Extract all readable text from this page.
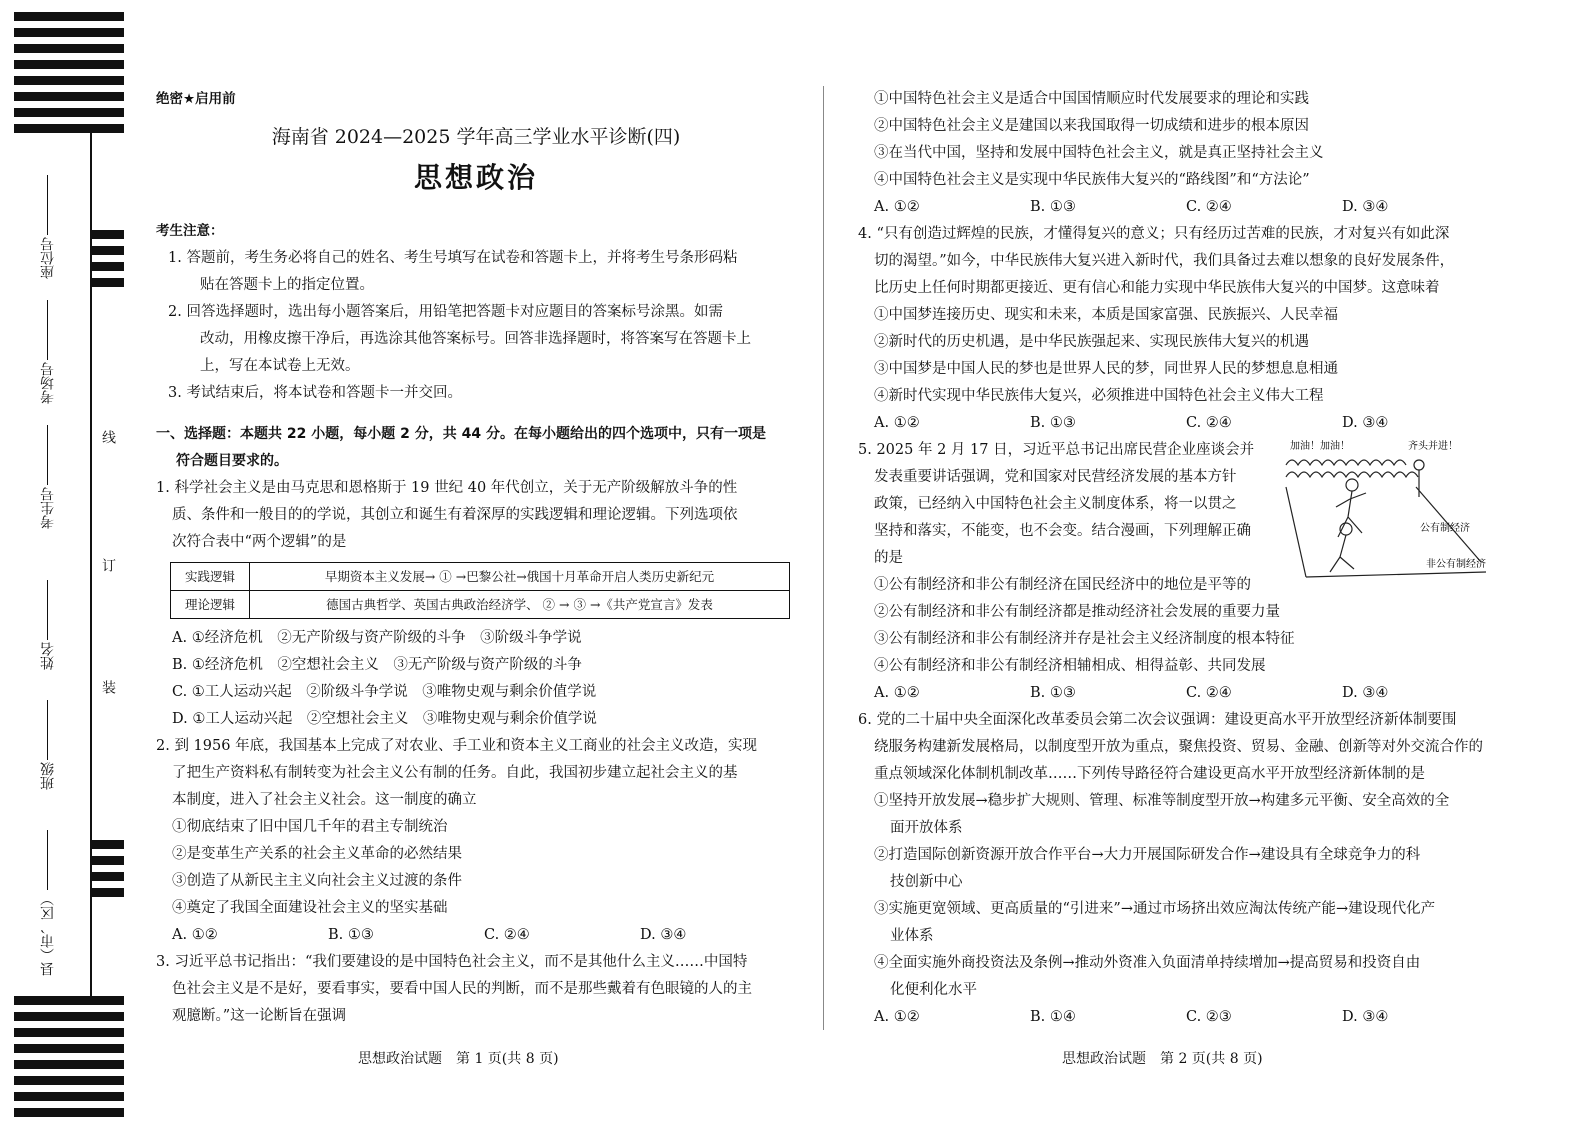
座位号
考场号
考生号
姓名
班级
县（市、区）
线
订
装
绝密★启用前
海南省 2024—2025 学年高三学业水平诊断(四)
思想政治
考生注意：
1. 答题前，考生务必将自己的姓名、考生号填写在试卷和答题卡上，并将考生号条形码粘
贴在答题卡上的指定位置。
2. 回答选择题时，选出每小题答案后，用铅笔把答题卡对应题目的答案标号涂黑。如需
改动，用橡皮擦干净后，再选涂其他答案标号。回答非选择题时，将答案写在答题卡上
上，写在本试卷上无效。
3. 考试结束后，将本试卷和答题卡一并交回。
一、选择题：本题共 22 小题，每小题 2 分，共 44 分。在每小题给出的四个选项中，只有一项是
符合题目要求的。
1. 科学社会主义是由马克思和恩格斯于 19 世纪 40 年代创立，关于无产阶级解放斗争的性
质、条件和一般目的的学说，其创立和诞生有着深厚的实践逻辑和理论逻辑。下列选项依
次符合表中“两个逻辑”的是
实践逻辑	早期资本主义发展→ ① →巴黎公社→俄国十月革命开启人类历史新纪元
理论逻辑	德国古典哲学、英国古典政治经济学、 ② → ③ →《共产党宣言》发表
A. ①经济危机　②无产阶级与资产阶级的斗争　③阶级斗争学说
B. ①经济危机　②空想社会主义　③无产阶级与资产阶级的斗争
C. ①工人运动兴起　②阶级斗争学说　③唯物史观与剩余价值学说
D. ①工人运动兴起　②空想社会主义　③唯物史观与剩余价值学说
2. 到 1956 年底，我国基本上完成了对农业、手工业和资本主义工商业的社会主义改造，实现
了把生产资料私有制转变为社会主义公有制的任务。自此，我国初步建立起社会主义的基
本制度，进入了社会主义社会。这一制度的确立
①彻底结束了旧中国几千年的君主专制统治
②是变革生产关系的社会主义革命的必然结果
③创造了从新民主主义向社会主义过渡的条件
④奠定了我国全面建设社会主义的坚实基础
A. ①②	B. ①③	C. ②④	D. ③④
3. 习近平总书记指出：“我们要建设的是中国特色社会主义，而不是其他什么主义……中国特
色社会主义是不是好，要看事实，要看中国人民的判断，而不是那些戴着有色眼镜的人的主
观臆断。”这一论断旨在强调
①中国特色社会主义是适合中国国情顺应时代发展要求的理论和实践
②中国特色社会主义是建国以来我国取得一切成绩和进步的根本原因
③在当代中国，坚持和发展中国特色社会主义，就是真正坚持社会主义
④中国特色社会主义是实现中华民族伟大复兴的“路线图”和“方法论”
A. ①②	B. ①③	C. ②④	D. ③④
4. “只有创造过辉煌的民族，才懂得复兴的意义；只有经历过苦难的民族，才对复兴有如此深
切的渴望。”如今，中华民族伟大复兴进入新时代，我们具备过去难以想象的良好发展条件，
比历史上任何时期都更接近、更有信心和能力实现中华民族伟大复兴的中国梦。这意味着
①中国梦连接历史、现实和未来，本质是国家富强、民族振兴、人民幸福
②新时代的历史机遇，是中华民族强起来、实现民族伟大复兴的机遇
③中国梦是中国人民的梦也是世界人民的梦，同世界人民的梦想息息相通
④新时代实现中华民族伟大复兴，必须推进中国特色社会主义伟大工程
A. ①②	B. ①③	C. ②④	D. ③④
5. 2025 年 2 月 17 日，习近平总书记出席民营企业座谈会并
发表重要讲话强调，党和国家对民营经济发展的基本方针
政策，已经纳入中国特色社会主义制度体系，将一以贯之
坚持和落实，不能变，也不会变。结合漫画，下列理解正确
的是
①公有制经济和非公有制经济在国民经济中的地位是平等的
加油！加油！	齐头并进！
公有制经济
非公有制经济
②公有制经济和非公有制经济都是推动经济社会发展的重要力量
③公有制经济和非公有制经济并存是社会主义经济制度的根本特征
④公有制经济和非公有制经济相辅相成、相得益彰、共同发展
A. ①②	B. ①③	C. ②④	D. ③④
6. 党的二十届中央全面深化改革委员会第二次会议强调：建设更高水平开放型经济新体制要围
绕服务构建新发展格局，以制度型开放为重点，聚焦投资、贸易、金融、创新等对外交流合作的
重点领域深化体制机制改革……下列传导路径符合建设更高水平开放型经济新体制的是
①坚持开放发展→稳步扩大规则、管理、标准等制度型开放→构建多元平衡、安全高效的全
面开放体系
②打造国际创新资源开放合作平台→大力开展国际研发合作→建设具有全球竞争力的科
技创新中心
③实施更宽领域、更高质量的“引进来”→通过市场挤出效应淘汰传统产能→建设现代化产
业体系
④全面实施外商投资法及条例→推动外资准入负面清单持续增加→提高贸易和投资自由
化便利化水平
A. ①②	B. ①④	C. ②③	D. ③④
思想政治试题　第 1 页(共 8 页)	思想政治试题　第 2 页(共 8 页)
